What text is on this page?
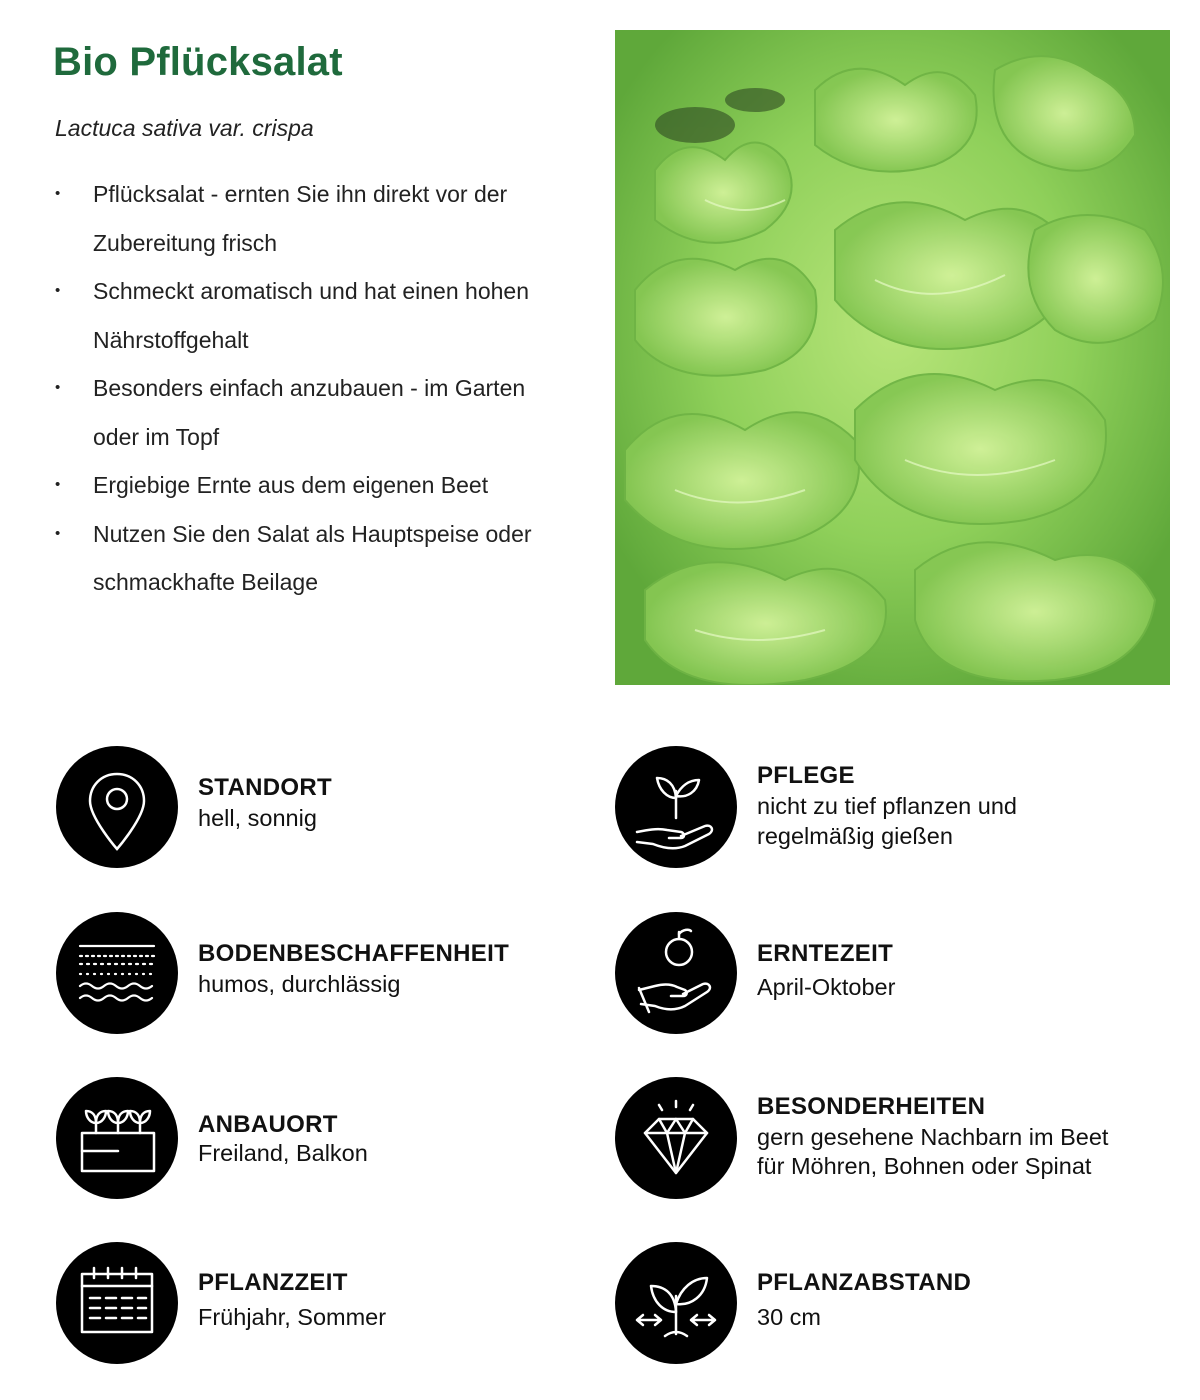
Bio Pflücksalat
Lactuca sativa var. crispa
• Pflücksalat - ernten Sie ihn direkt vor der Zubereitung frisch
• Schmeckt aromatisch und hat einen hohen Nährstoffgehalt
• Besonders einfach anzubauen - im Garten oder im Topf
• Ergiebige Ernte aus dem eigenen Beet
• Nutzen Sie den Salat als Hauptspeise oder schmackhafte Beilage
STANDORT
hell, sonnig
PFLEGE
nicht zu tief pflanzen und
regelmäßig gießen
BODENBESCHAFFENHEIT
humos, durchlässig
ERNTEZEIT
April-Oktober
ANBAUORT
Freiland, Balkon
BESONDERHEITEN
gern gesehene Nachbarn im Beet
für Möhren, Bohnen oder Spinat
PFLANZZEIT
Frühjahr, Sommer
PFLANZABSTAND
30 cm
